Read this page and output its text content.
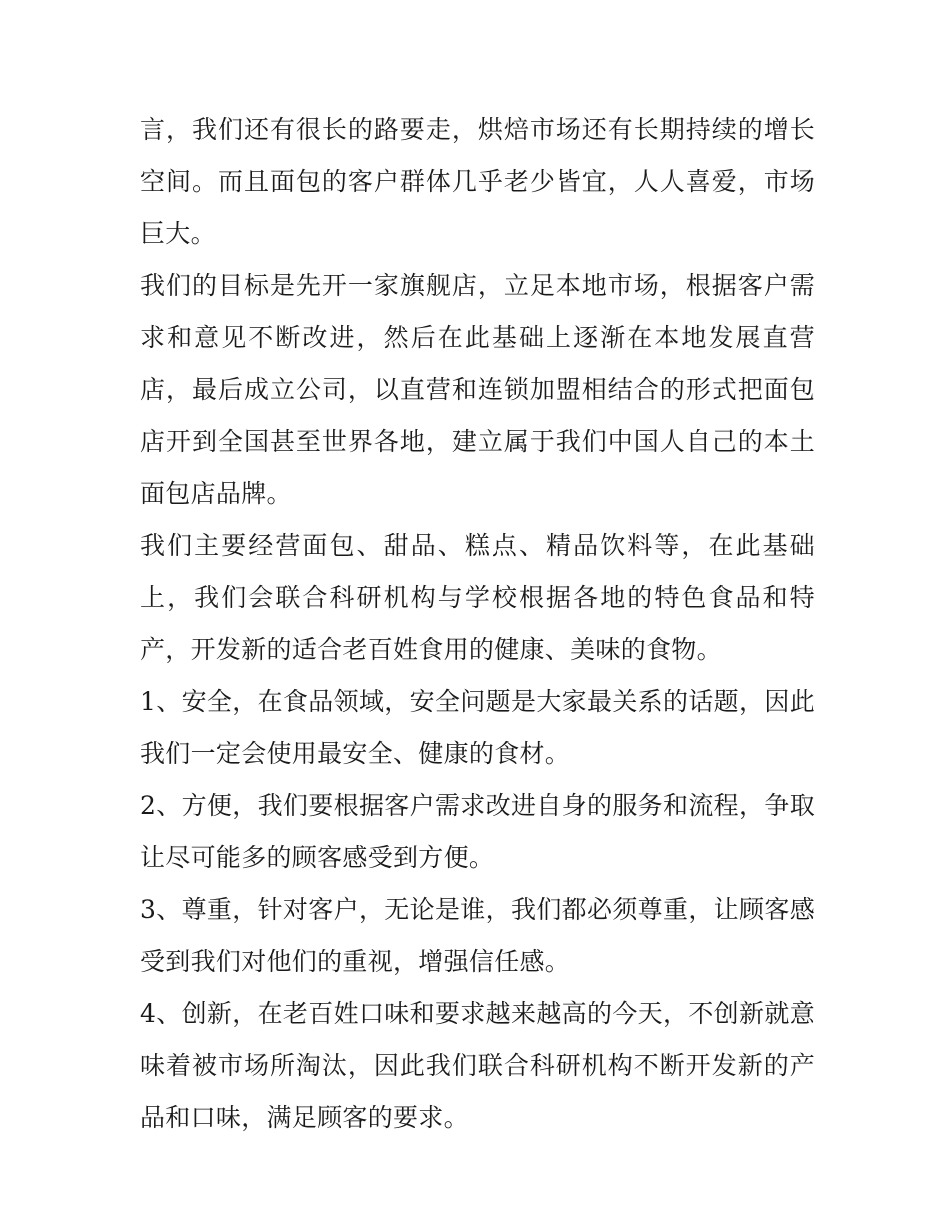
言，我们还有很长的路要走，烘焙市场还有长期持续的增长空间。而且面包的客户群体几乎老少皆宜，人人喜爱，市场巨大。

我们的目标是先开一家旗舰店，立足本地市场，根据客户需求和意见不断改进，然后在此基础上逐渐在本地发展直营店，最后成立公司，以直营和连锁加盟相结合的形式把面包店开到全国甚至世界各地，建立属于我们中国人自己的本土面包店品牌。

我们主要经营面包、甜品、糕点、精品饮料等，在此基础上，我们会联合科研机构与学校根据各地的特色食品和特产，开发新的适合老百姓食用的健康、美味的食物。

1、安全，在食品领域，安全问题是大家最关系的话题，因此我们一定会使用最安全、健康的食材。

2、方便，我们要根据客户需求改进自身的服务和流程，争取让尽可能多的顾客感受到方便。

3、尊重，针对客户，无论是谁，我们都必须尊重，让顾客感受到我们对他们的重视，增强信任感。

4、创新，在老百姓口味和要求越来越高的今天，不创新就意味着被市场所淘汰，因此我们联合科研机构不断开发新的产品和口味，满足顾客的要求。
